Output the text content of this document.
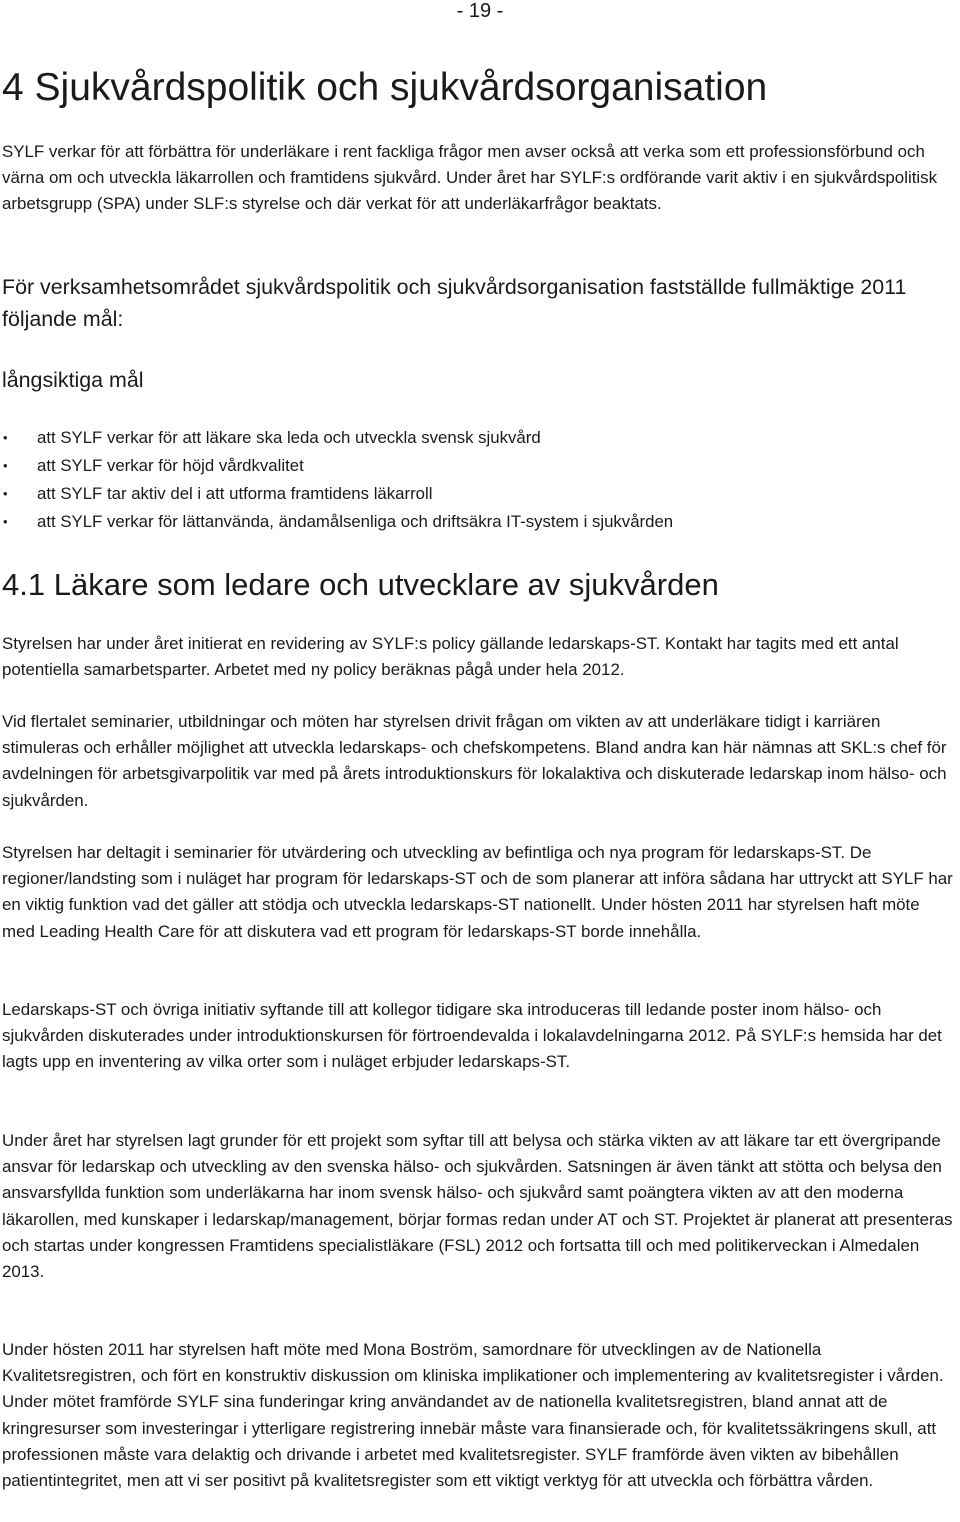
- 19 -
4 Sjukvårdspolitik och sjukvårdsorganisation

SYLF verkar för att förbättra för underläkare i rent fackliga frågor men avser också att verka som ett professionsförbund och värna om och utveckla läkarrollen och framtidens sjukvård. Under året har SYLF:s ordförande varit aktiv i en sjukvårdspolitisk arbetsgrupp (SPA) under SLF:s styrelse och där verkat för att underläkarfrågor beaktats.

För verksamhetsområdet sjukvårdspolitik och sjukvårdsorganisation fastställde fullmäktige 2011 följande mål:

långsiktiga mål
• att SYLF verkar för att läkare ska leda och utveckla svensk sjukvård
• att SYLF verkar för höjd vårdkvalitet
• att SYLF tar aktiv del i att utforma framtidens läkarroll
• att SYLF verkar för lättanvända, ändamålsenliga och driftsäkra IT-system i sjukvården
4.1 Läkare som ledare och utvecklare av sjukvården

Styrelsen har under året initierat en revidering av SYLF:s policy gällande ledarskaps-ST. Kontakt har tagits med ett antal potentiella samarbetsparter. Arbetet med ny policy beräknas pågå under hela 2012.

Vid flertalet seminarier, utbildningar och möten har styrelsen drivit frågan om vikten av att underläkare tidigt i karriären stimuleras och erhåller möjlighet att utveckla ledarskaps- och chefskompetens. Bland andra kan här nämnas att SKL:s chef för avdelningen för arbetsgivarpolitik var med på årets introduktionskurs för lokalaktiva och diskuterade ledarskap inom hälso- och sjukvården.

Styrelsen har deltagit i seminarier för utvärdering och utveckling av befintliga och nya program för ledarskaps-ST. De regioner/landsting som i nuläget har program för ledarskaps-ST och de som planerar att införa sådana har uttryckt att SYLF har en viktig funktion vad det gäller att stödja och utveckla ledarskaps-ST nationellt. Under hösten 2011 har styrelsen haft möte med Leading Health Care för att diskutera vad ett program för ledarskaps-ST borde innehålla.

Ledarskaps-ST och övriga initiativ syftande till att kollegor tidigare ska introduceras till ledande poster inom hälso- och sjukvården diskuterades under introduktionskursen för förtroendevalda i lokalavdelningarna 2012. På SYLF:s hemsida har det lagts upp en inventering av vilka orter som i nuläget erbjuder ledarskaps-ST.

Under året har styrelsen lagt grunder för ett projekt som syftar till att belysa och stärka vikten av att läkare tar ett övergripande ansvar för ledarskap och utveckling av den svenska hälso- och sjukvården. Satsningen är även tänkt att stötta och belysa den ansvarsfyllda funktion som underläkarna har inom svensk hälso- och sjukvård samt poängtera vikten av att den moderna läkarollen, med kunskaper i ledarskap/management, börjar formas redan under AT och ST. Projektet är planerat att presenteras och startas under kongressen Framtidens specialistläkare (FSL) 2012 och fortsatta till och med politikerveckan i Almedalen 2013.

Under hösten 2011 har styrelsen haft möte med Mona Boström, samordnare för utvecklingen av de Nationella Kvalitetsregistren, och fört en konstruktiv diskussion om kliniska implikationer och implementering av kvalitetsregister i vården. Under mötet framförde SYLF sina funderingar kring användandet av de nationella kvalitetsregistren, bland annat att de kringresurser som investeringar i ytterligare registrering innebär måste vara finansierade och, för kvalitetssäkringens skull, att professionen måste vara delaktig och drivande i arbetet med kvalitetsregister. SYLF framförde även vikten av bibehållen patientintegritet, men att vi ser positivt på kvalitetsregister som ett viktigt verktyg för att utveckla och förbättra vården.
